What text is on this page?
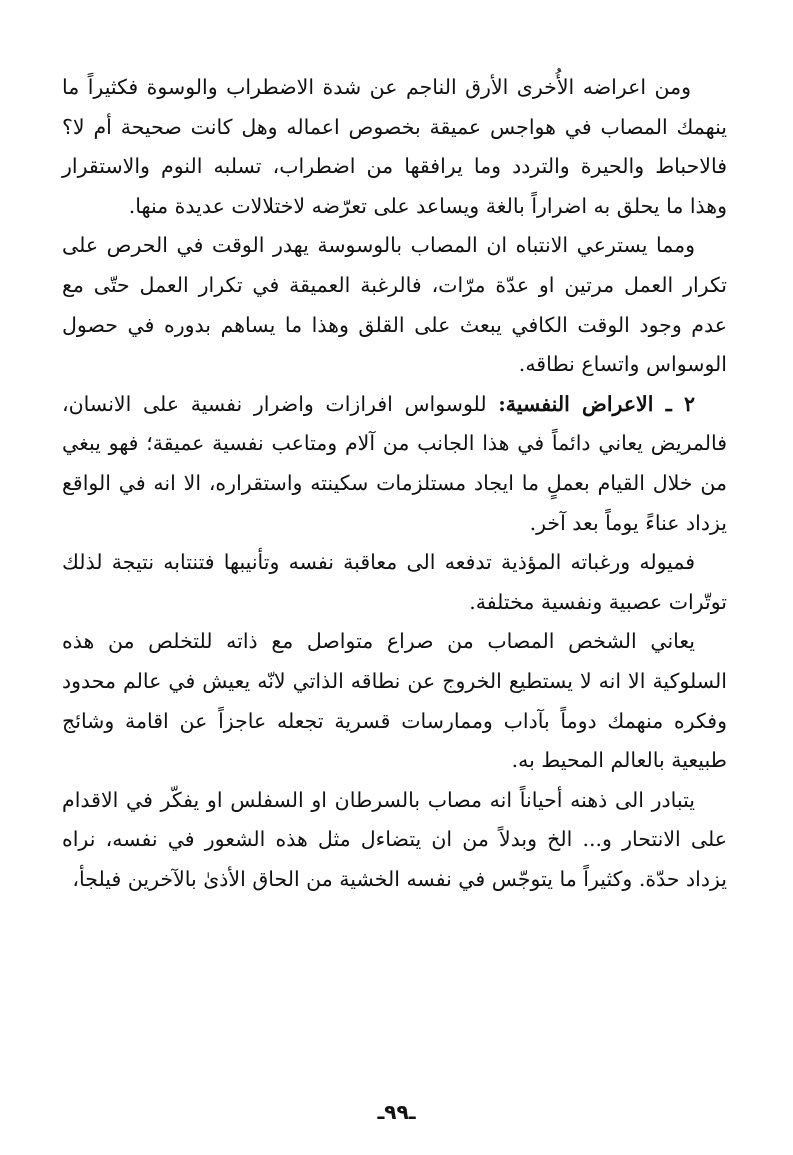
ومن اعراضه الأُخرى الأرق الناجم عن شدة الاضطراب والوسوة فكثيراً ما ينهمك المصاب في هواجس عميقة بخصوص اعماله وهل كانت صحيحة أم لا؟ فالاحباط والحيرة والتردد وما يرافقها من اضطراب، تسلبه النوم والاستقرار وهذا ما يحلق به اضراراً بالغة ويساعد على تعرّضه لاختلالات عديدة منها.

ومما يسترعي الانتباه ان المصاب بالوسوسة يهدر الوقت في الحرص على تكرار العمل مرتين او عدّة مرّات، فالرغبة العميقة في تكرار العمل حتّى مع عدم وجود الوقت الكافي يبعث على القلق وهذا ما يساهم بدوره في حصول الوسواس واتساع نطاقه.

٢ ـ الاعراض النفسية: للوسواس افرازات واضرار نفسية على الانسان، فالمريض يعاني دائماً في هذا الجانب من آلام ومتاعب نفسية عميقة؛ فهو يبغي من خلال القيام بعملٍ ما ايجاد مستلزمات سكينته واستقراره، الا انه في الواقع يزداد عناءً يوماً بعد آخر.

فميوله ورغباته المؤذية تدفعه الى معاقبة نفسه وتأنيبها فتنتابه نتيجة لذلك توتّرات عصبية ونفسية مختلفة.

يعاني الشخص المصاب من صراع متواصل مع ذاته للتخلص من هذه السلوكية الا انه لا يستطيع الخروج عن نطاقه الذاتي لانّه يعيش في عالم محدود وفكره منهمك دوماً بآداب وممارسات قسرية تجعله عاجزاً عن اقامة وشائج طبيعية بالعالم المحيط به.

يتبادر الى ذهنه أحياناً انه مصاب بالسرطان او السفلس او يفكّر في الاقدام على الانتحار و... الخ وبدلاً من ان يتضاءل مثل هذه الشعور في نفسه، نراه يزداد حدّة. وكثيراً ما يتوجّس في نفسه الخشية من الحاق الأذىٰ بالآخرين فيلجأ،

ـ٩٩ـ
